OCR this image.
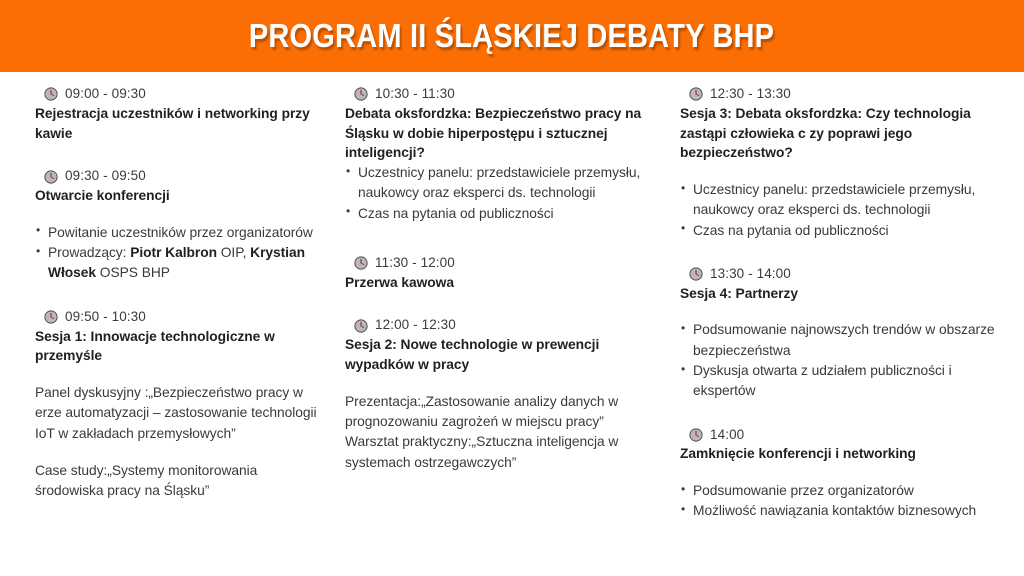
PROGRAM II ŚLĄSKIEJ DEBATY BHP
09:00 - 09:30
Rejestracja uczestników i networking przy kawie
09:30 - 09:50
Otwarcie konferencji
• Powitanie uczestników przez organizatorów
• Prowadzący: Piotr Kalbron OIP, Krystian Włosek OSPS BHP
09:50 - 10:30
Sesja 1: Innowacje technologiczne w przemyśle
Panel dyskusyjny :„Bezpieczeństwo pracy w erze automatyzacji – zastosowanie technologii IoT w zakładach przemysłowych”
Case study:„Systemy monitorowania środowiska pracy na Śląsku”
10:30 - 11:30
Debata oksfordzka: Bezpieczeństwo pracy na Śląsku w dobie hiperpostępu i sztucznej inteligencji?
• Uczestnicy panelu: przedstawiciele przemysłu, naukowcy oraz eksperci ds. technologii
• Czas na pytania od publiczności
11:30 - 12:00
Przerwa kawowa
12:00 - 12:30
Sesja 2: Nowe technologie w prewencji wypadków w pracy
Prezentacja:„Zastosowanie analizy danych w prognozowaniu zagrożeń w miejscu pracy”
Warsztat praktyczny:„Sztuczna inteligencja w systemach ostrzegawczych”
12:30 - 13:30
Sesja 3: Debata oksfordzka: Czy technologia zastąpi człowieka c zy poprawi jego bezpieczeństwo?
• Uczestnicy panelu: przedstawiciele przemysłu, naukowcy oraz eksperci ds. technologii
• Czas na pytania od publiczności
13:30 - 14:00
Sesja 4: Partnerzy
• Podsumowanie najnowszych trendów w obszarze bezpieczeństwa
• Dyskusja otwarta z udziałem publiczności i ekspertów
14:00
Zamknięcie konferencji i networking
• Podsumowanie przez organizatorów
• Możliwość nawiązania kontaktów biznesowych
